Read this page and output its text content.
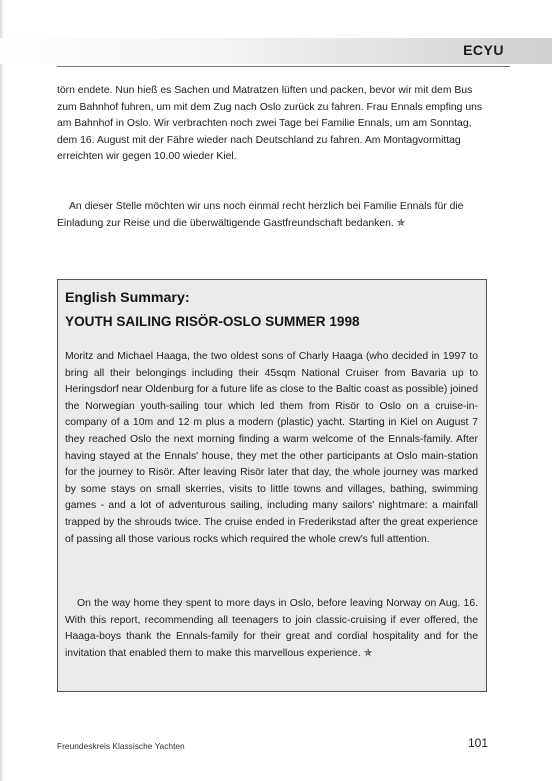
ECYU

törn endete. Nun hieß es Sachen und Matratzen lüften und packen, bevor wir mit dem Bus zum Bahnhof fuhren, um mit dem Zug nach Oslo zurück zu fahren. Frau Ennals empfing uns am Bahnhof in Oslo. Wir verbrachten noch zwei Tage bei Familie Ennals, um am Sonntag, dem 16. August mit der Fähre wieder nach Deutschland zu fahren. Am Montagvormittag erreichten wir gegen 10.00 wieder Kiel.

An dieser Stelle möchten wir uns noch einmal recht herzlich bei Familie Ennals für die Einladung zur Reise und die überwältigende Gastfreundschaft bedanken. ✯

English Summary:
YOUTH SAILING RISÖR-OSLO SUMMER 1998

Moritz and Michael Haaga, the two oldest sons of Charly Haaga (who decided in 1997 to bring all their belongings including their 45sqm National Cruiser from Bavaria up to Heringsdorf near Oldenburg for a future life as close to the Baltic coast as possible) joined the Norwegian youth-sailing tour which led them from Risör to Oslo on a cruise-in-company of a 10m and 12 m plus a modern (plastic) yacht. Starting in Kiel on August 7 they reached Oslo the next morning finding a warm welcome of the Ennals-family. After having stayed at the Ennals' house, they met the other participants at Oslo main-station for the journey to Risör. After leaving Risör later that day, the whole journey was marked by some stays on small skerries, visits to little towns and villages, bathing, swimming games - and a lot of adventurous sailing, including many sailors' nightmare: a mainfall trapped by the shrouds twice. The cruise ended in Frederikstad after the great experience of passing all those various rocks which required the whole crew's full attention.

On the way home they spent to more days in Oslo, before leaving Norway on Aug. 16. With this report, recommending all teenagers to join classic-cruising if ever offered, the Haaga-boys thank the Ennals-family for their great and cordial hospitality and for the invitation that enabled them to make this marvellous experience. ✯

Freundeskreis Klassische Yachten	101
